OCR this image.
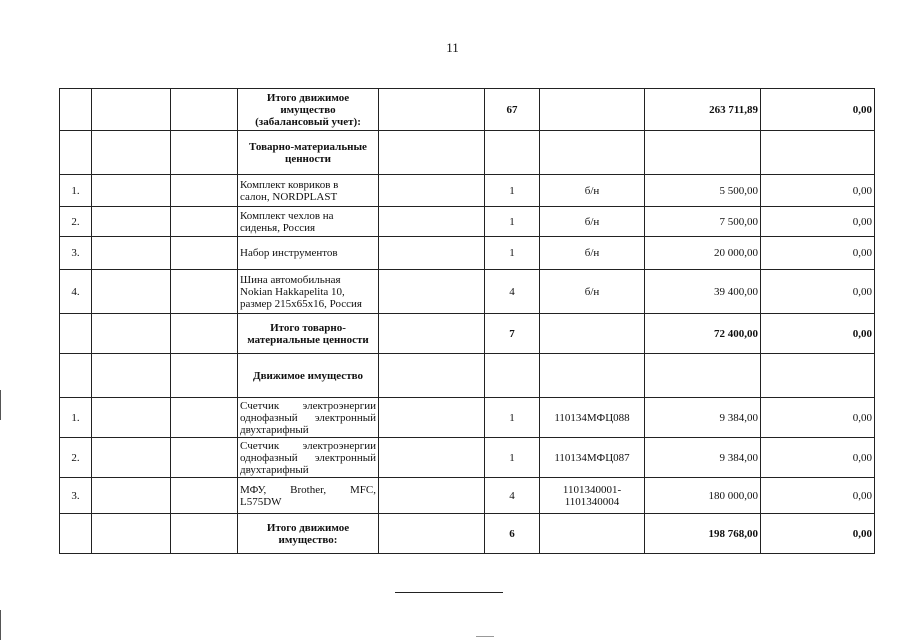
11

			Итого движимое
имущество
(забалансовый учет):		67		263 711,89	0,00

			Товарно-материальные
ценности					

1.			Комплект ковриков в
салон, NORDPLAST		1	б/н	5 500,00	0,00
2.			Комплект чехлов на
сиденья, Россия		1	б/н	7 500,00	0,00
3.			Набор инструментов		1	б/н	20 000,00	0,00
4.			Шина автомобильная
Nokian Hakkapelita 10,
размер 215x65x16, Россия		4	б/н	39 400,00	0,00

			Итого товарно-
материальные ценности		7		72 400,00	0,00

			Движимое имущество					

1.			Счетчик электроэнергии
однофазный электронный
двухтарифный		1	110134МФЦ088	9 384,00	0,00
2.			Счетчик электроэнергии
однофазный электронный
двухтарифный		1	110134МФЦ087	9 384,00	0,00
3.			МФУ, Brother, MFC,
L575DW		4	1101340001-
1101340004	180 000,00	0,00

			Итого движимое
имущество:		6		198 768,00	0,00
